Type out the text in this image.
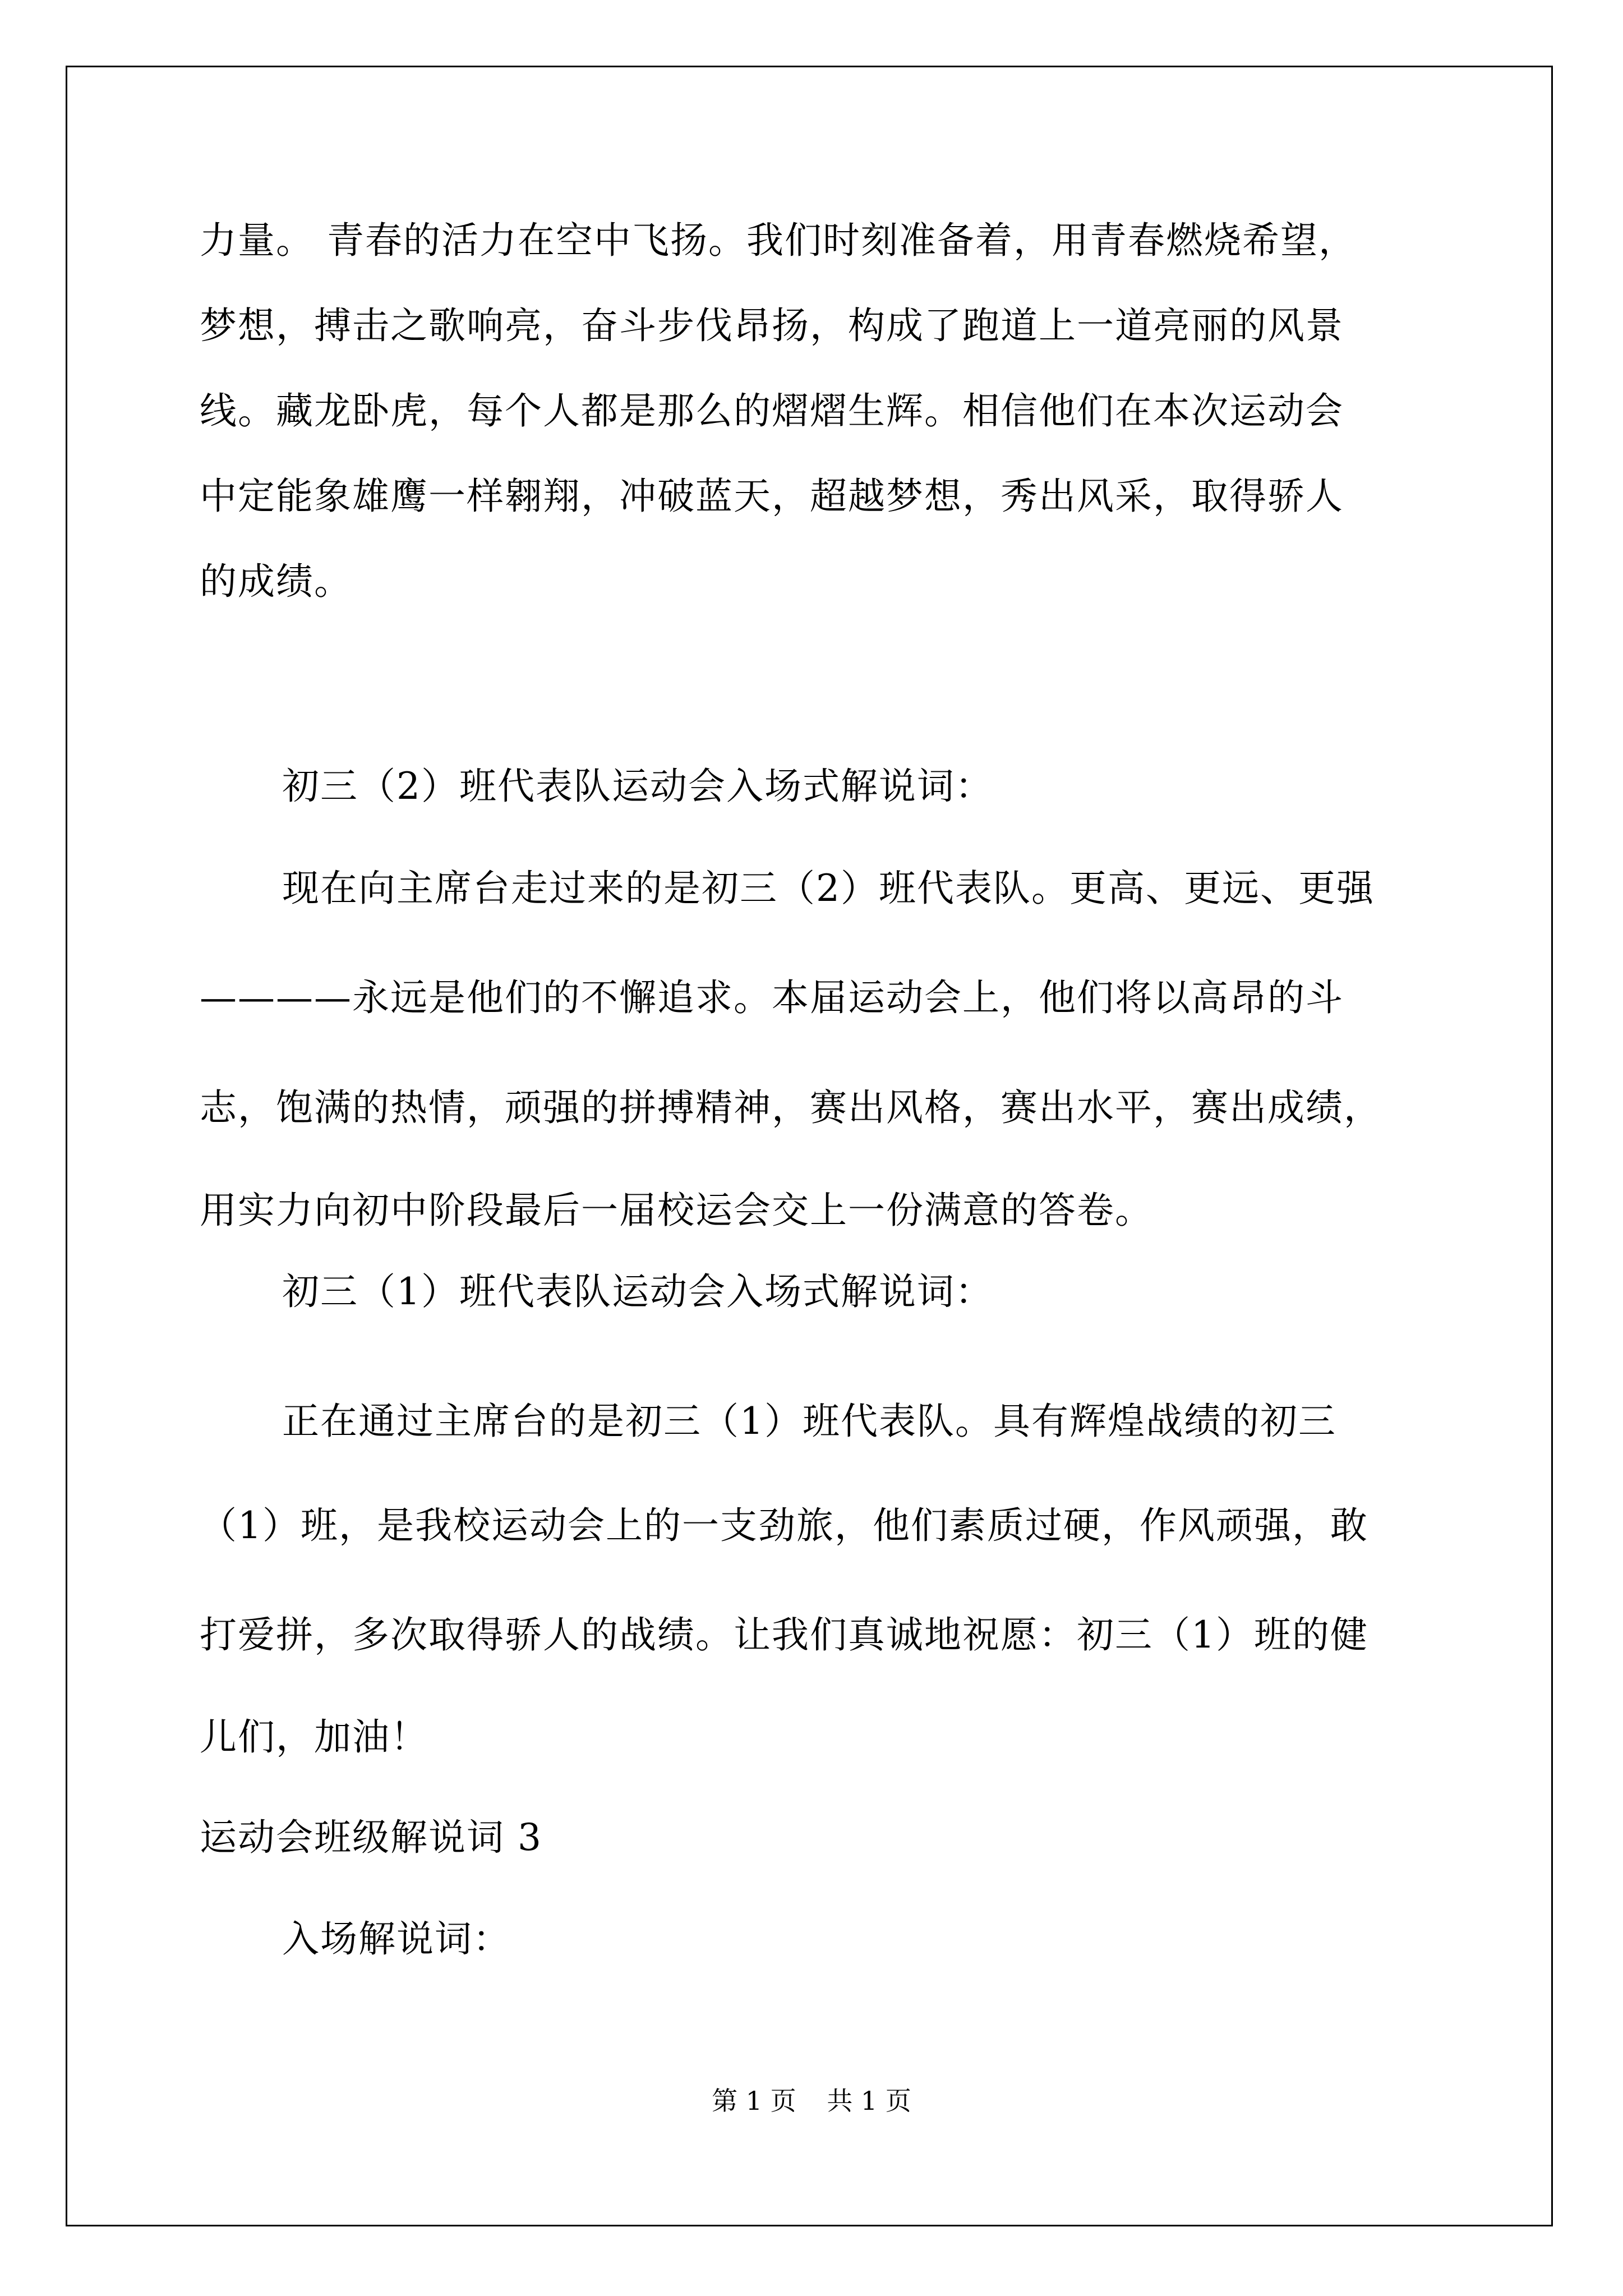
力量。 青春的活力在空中飞扬。我们时刻准备着，用青春燃烧希望，
梦想，搏击之歌响亮，奋斗步伐昂扬，构成了跑道上一道亮丽的风景
线。藏龙卧虎，每个人都是那么的熠熠生辉。相信他们在本次运动会
中定能象雄鹰一样翱翔，冲破蓝天，超越梦想，秀出风采，取得骄人
的成绩。
初三（2）班代表队运动会入场式解说词：
现在向主席台走过来的是初三（2）班代表队。更高、更远、更强
————永远是他们的不懈追求。本届运动会上，他们将以高昂的斗
志，饱满的热情，顽强的拼搏精神，赛出风格，赛出水平，赛出成绩，
用实力向初中阶段最后一届校运会交上一份满意的答卷。
初三（1）班代表队运动会入场式解说词：
正在通过主席台的是初三（1）班代表队。具有辉煌战绩的初三
（1）班，是我校运动会上的一支劲旅，他们素质过硬，作风顽强，敢
打爱拼，多次取得骄人的战绩。让我们真诚地祝愿：初三（1）班的健
儿们，加油！
运动会班级解说词 3
入场解说词：
第 1 页 共 1 页
